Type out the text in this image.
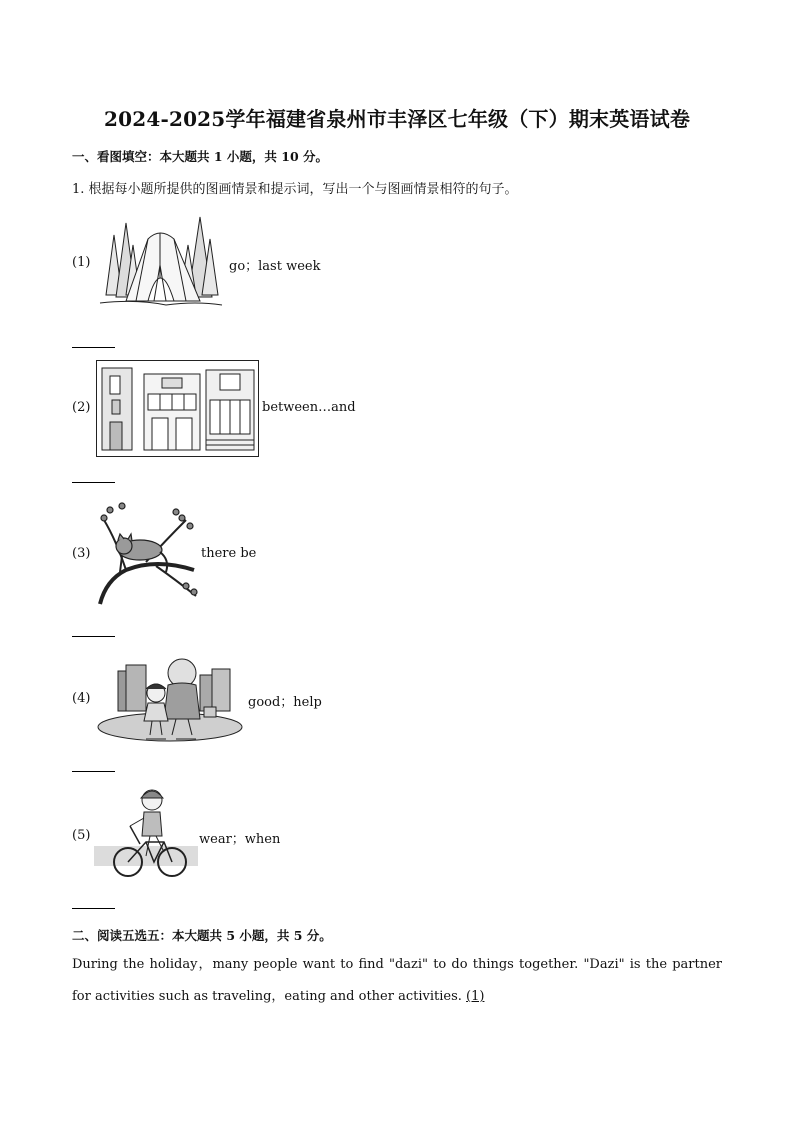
2024-2025学年福建省泉州市丰泽区七年级（下）期末英语试卷
一、看图填空：本大题共 1 小题，共 10 分。
1. 根据每小题所提供的图画情景和提示词，写出一个与图画情景相符的句子。
(1)	go；last week
(2)	between…and
(3)	there be
(4)	good；help
(5)	wear；when
二、阅读五选五：本大题共 5 小题，共 5 分。
During the holiday，many people want to find "dazi" to do things together. "Dazi" is the partner for activities such as traveling，eating and other activities. (1)
